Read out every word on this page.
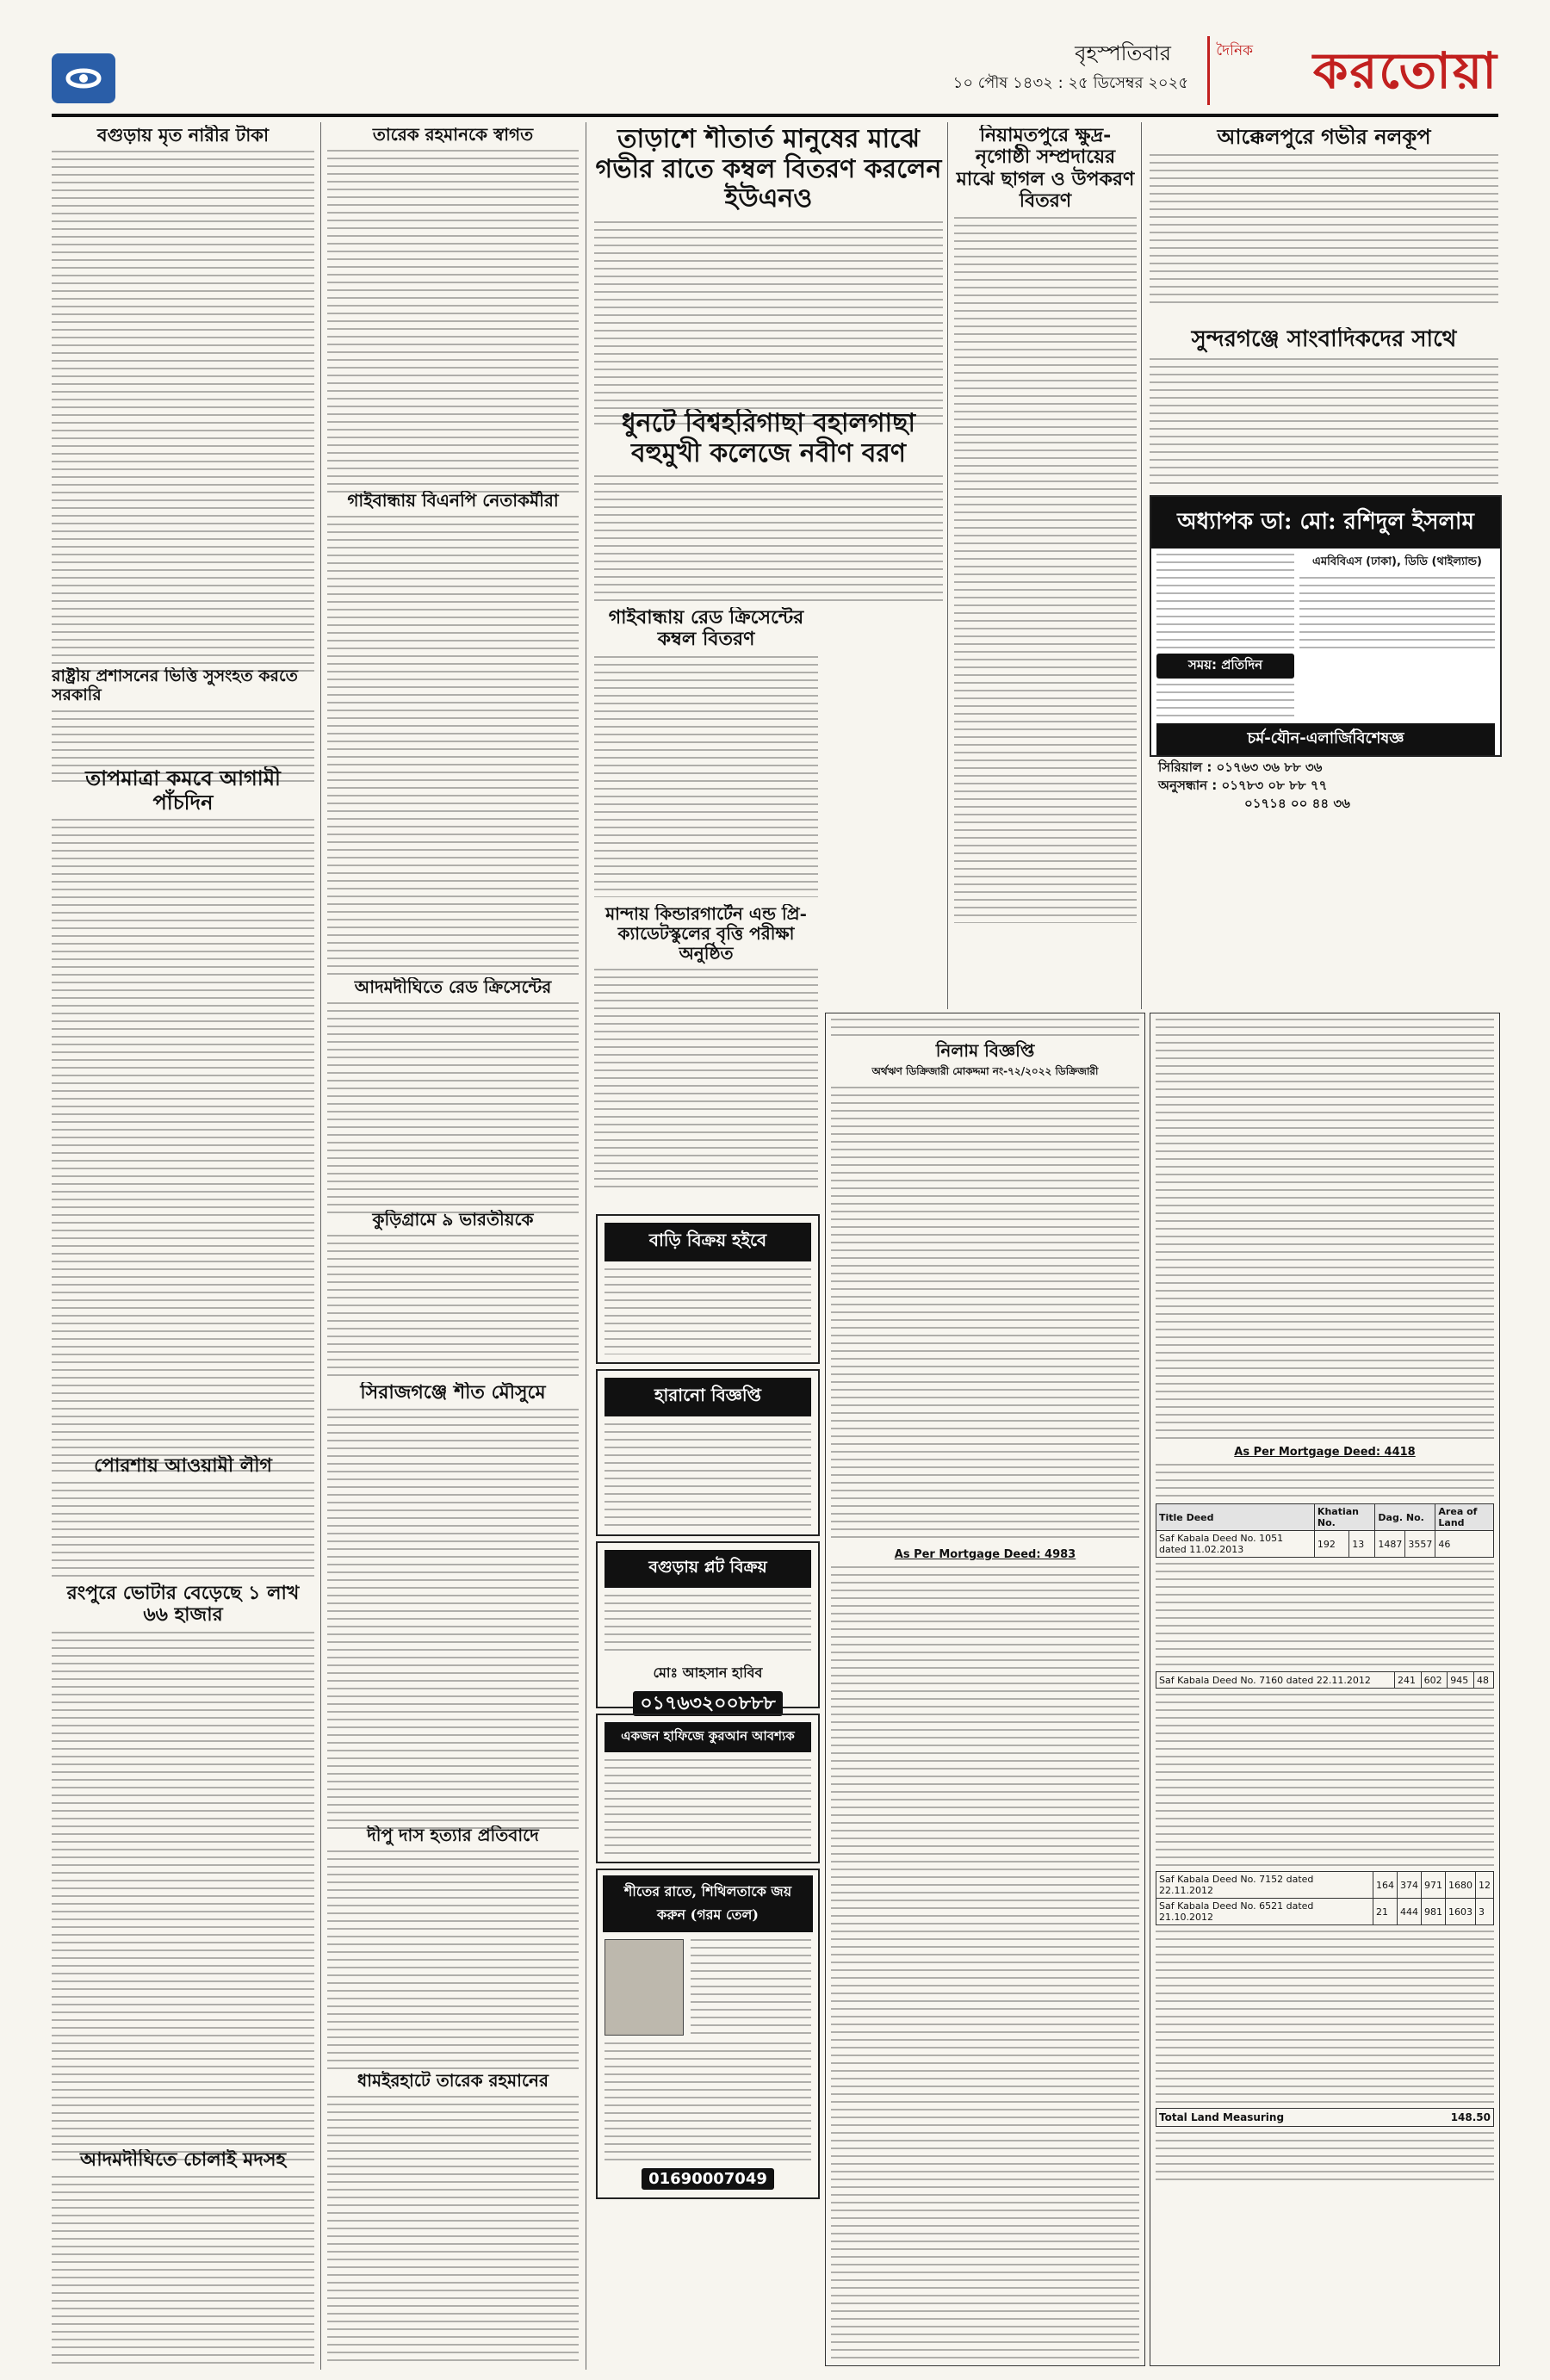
বৃহস্পতিবার
১০ পৌষ ১৪৩২ : ২৫ ডিসেম্বর ২০২৫
দৈনিক করতোয়া
বগুড়ায় মৃত নারীর টাকা
রাষ্ট্রীয় প্রশাসনের ভিত্তি সুসংহত করতে সরকারি
তাপমাত্রা কমবে আগামী পাঁচদিন
পোরশায় আওয়ামী লীগ
রংপুরে ভোটার বেড়েছে ১ লাখ ৬৬ হাজার
আদমদীঘিতে চোলাই মদসহ
তারেক রহমানকে স্বাগত
গাইবান্ধায় বিএনপি নেতাকর্মীরা
আদমদীঘিতে রেড ক্রিসেন্টের
কুড়িগ্রামে ৯ ভারতীয়কে
সিরাজগঞ্জে শীত মৌসুমে
দীপু দাস হত্যার প্রতিবাদে
ধামইরহাটে তারেক রহমানের
তাড়াশে শীতার্ত মানুষের মাঝে গভীর রাতে কম্বল বিতরণ করলেন ইউএনও
ধুনটে বিশ্বহরিগাছা বহালগাছা বহুমুখী কলেজে নবীণ বরণ
গাইবান্ধায় রেড ক্রিসেন্টের কম্বল বিতরণ
মান্দায় কিন্ডারগার্টেন এন্ড প্রি-ক্যাডেটস্কুলের বৃত্তি পরীক্ষা অনুষ্ঠিত
বাড়ি বিক্রয় হইবে
হারানো বিজ্ঞপ্তি
বগুড়ায় প্লট বিক্রয়
মোঃ আহসান হাবিব
০১৭৬৩২০০৮৮৮
একজন হাফিজে কুরআন আবশ্যক
শীতের রাতে, শিথিলতাকে জয় করুন (গরম তেল)
01690007049
নিয়ামতপুরে ক্ষুদ্র-নৃগোষ্ঠী সম্প্রদায়ের মাঝে ছাগল ও উপকরণ বিতরণ
আক্কেলপুরে গভীর নলকূপ
সুন্দরগঞ্জে সাংবাদিকদের সাথে
অধ্যাপক ডা: মো: রশিদুল ইসলাম
সময়: প্রতিদিন
এমবিবিএস (ঢাকা), ডিডি (থাইল্যান্ড)
চর্ম-যৌন-এলার্জিবিশেষজ্ঞ
সিরিয়াল : ০১৭৬৩ ৩৬ ৮৮ ৩৬
অনুসন্ধান : ০১৭৮৩ ০৮ ৮৮ ৭৭
০১৭১৪ ০০ ৪৪ ৩৬
নিলাম বিজ্ঞপ্তি
অর্থঋণ ডিক্রিজারী মোকদ্দমা নং-৭২/২০২২ ডিক্রিজারী
As Per Mortgage Deed: 4983
As Per Mortgage Deed: 4418
Title Deed	Khatian No.		Dag. No.		Area of Land
Saf Kabala Deed No. 1051 dated 11.02.2013	192	13	1487	3557	46
Saf Kabala Deed No. 7160 dated 22.11.2012	241	602	945	48
Saf Kabala Deed No. 7152 dated 22.11.2012	164	374	971	1680	12
Saf Kabala Deed No. 6521 dated 21.10.2012	21	444	981	1603	3
Total Land Measuring	148.50
